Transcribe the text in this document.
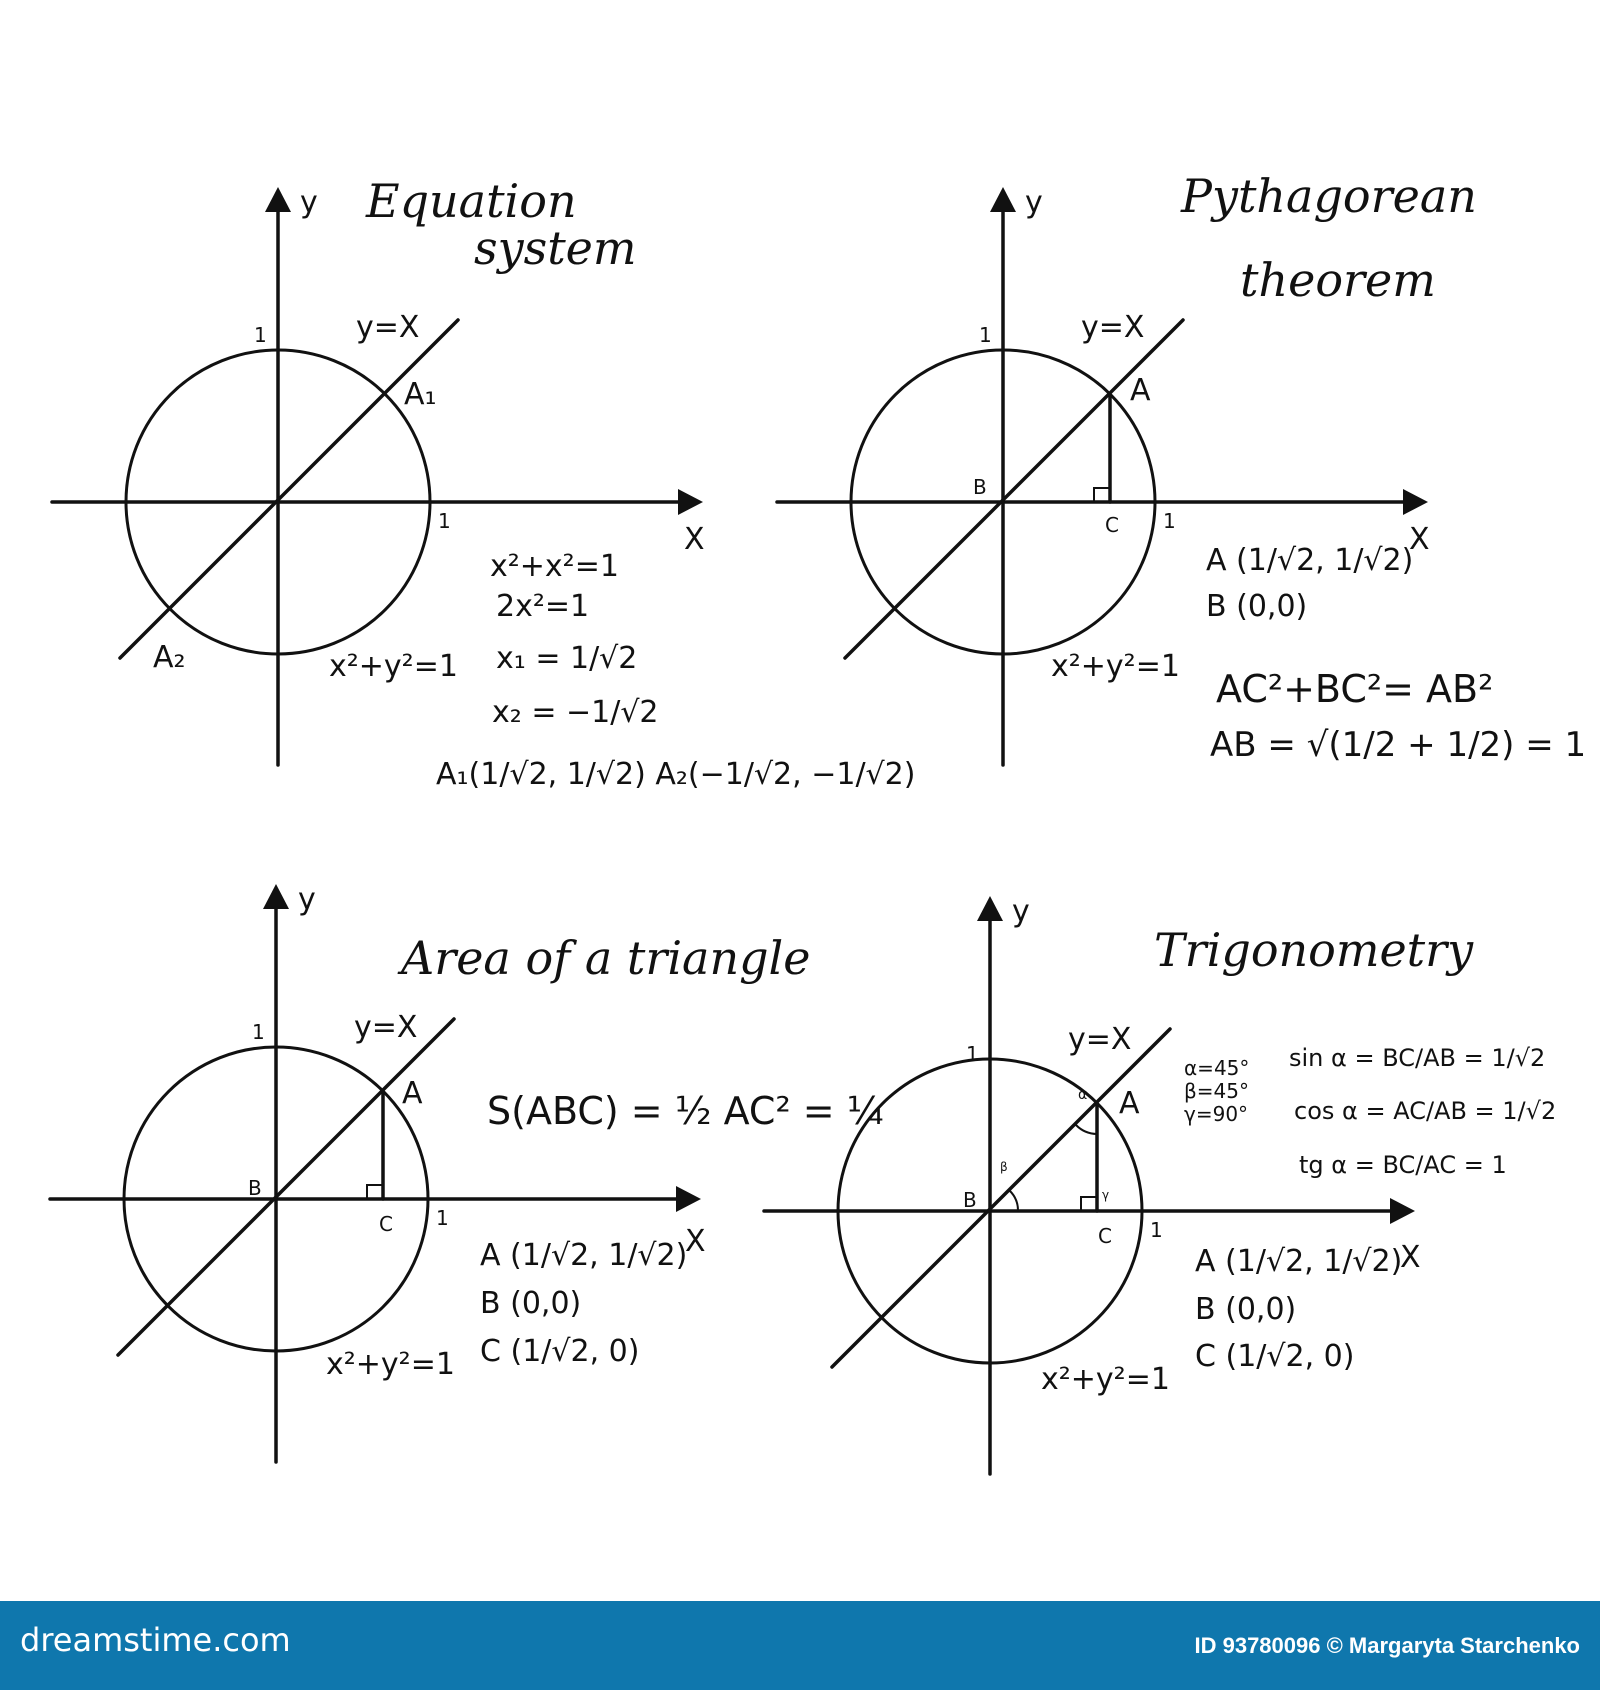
y
X
1
1
Equation
system
y=X
A₁
A₂	x²+y²=1
x²+x²=1
2x²=1
x₁ = 1/√2
x₂ = −1/√2
A₁(1/√2, 1/√2) A₂(−1/√2, −1/√2)
y
X
1
1
Pythagorean
theorem
y=X
A
B
C
x²+y²=1
A (1/√2, 1/√2)
B (0,0)
AC²+BC²= AB²
AB = √(1/2 + 1/2) = 1
y
X
1
1
Area of a triangle
y=X
A
B
C
x²+y²=1
S(ABC) = ½ AC² = ¼
A (1/√2, 1/√2)
B (0,0)
C (1/√2, 0)
y
X
1
1
Trigonometry
y=X
A
B
C
α
β
γ
α=45°
β=45°
γ=90°
sin α = BC/AB = 1/√2
cos α = AC/AB = 1/√2
tg α = BC/AC = 1
A (1/√2, 1/√2)
B (0,0)
C (1/√2, 0)
x²+y²=1
dreamstime.com	ID 93780096 © Margaryta Starchenko
